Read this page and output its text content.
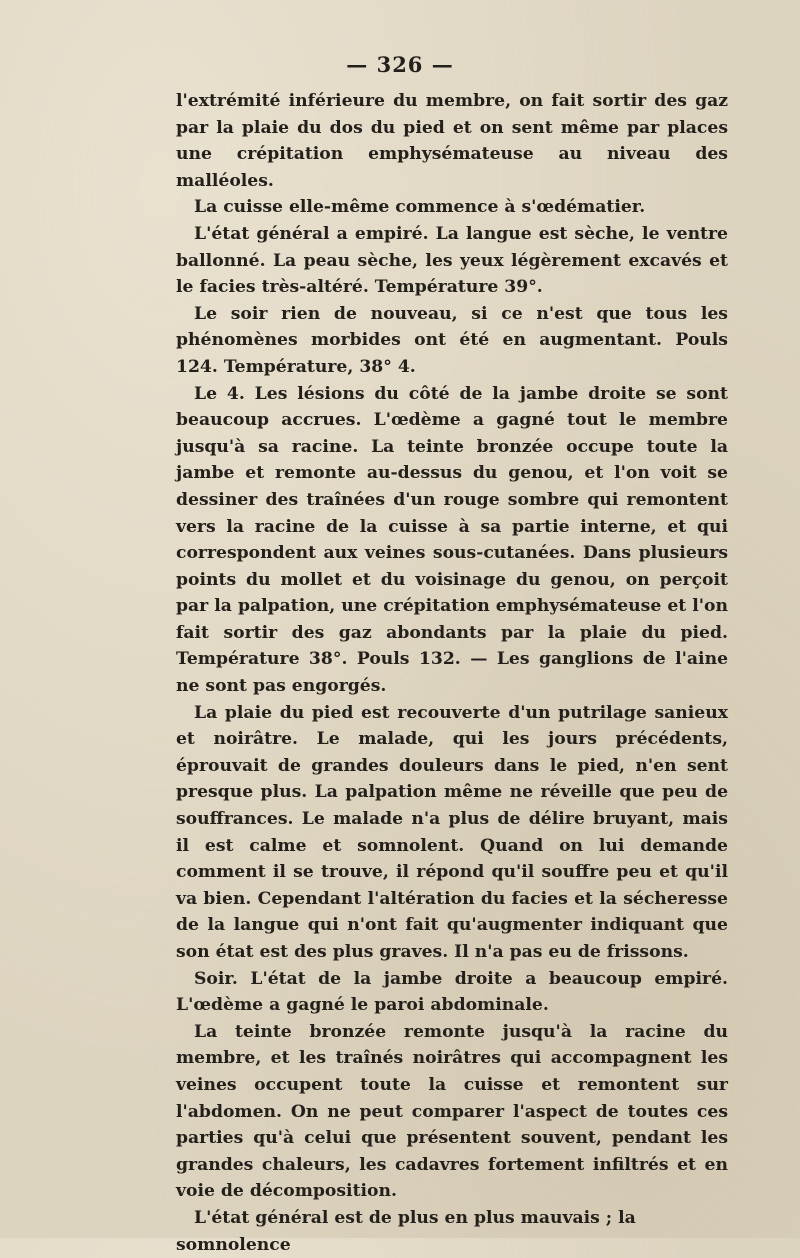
— 326 —

l'extrémité inférieure du membre, on fait sortir des gaz par la plaie du dos du pied et on sent même par places une crépitation emphysémateuse au niveau des malléoles.

La cuisse elle-même commence à s'œdématier.

L'état général a empiré. La langue est sèche, le ventre ballonné. La peau sèche, les yeux légèrement excavés et le facies très-altéré. Température 39°.

Le soir rien de nouveau, si ce n'est que tous les phénomènes morbides ont été en augmentant. Pouls 124. Température, 38° 4.

Le 4. Les lésions du côté de la jambe droite se sont beaucoup accrues. L'œdème a gagné tout le membre jusqu'à sa racine. La teinte bronzée occupe toute la jambe et remonte au-dessus du genou, et l'on voit se dessiner des traînées d'un rouge sombre qui remontent vers la racine de la cuisse à sa partie interne, et qui correspondent aux veines sous-cutanées. Dans plusieurs points du mollet et du voisinage du genou, on perçoit par la palpation, une crépitation emphysémateuse et l'on fait sortir des gaz abondants par la plaie du pied. Température 38°. Pouls 132. — Les ganglions de l'aine ne sont pas engorgés.

La plaie du pied est recouverte d'un putrilage sanieux et noirâtre. Le malade, qui les jours précédents, éprouvait de grandes douleurs dans le pied, n'en sent presque plus. La palpation même ne réveille que peu de souffrances. Le malade n'a plus de délire bruyant, mais il est calme et somnolent. Quand on lui demande comment il se trouve, il répond qu'il souffre peu et qu'il va bien. Cependant l'altération du facies et la sécheresse de la langue qui n'ont fait qu'augmenter indiquant que son état est des plus graves. Il n'a pas eu de frissons.

Soir. L'état de la jambe droite a beaucoup empiré. L'œdème a gagné le paroi abdominale.

La teinte bronzée remonte jusqu'à la racine du membre, et les traînés noirâtres qui accompagnent les veines occupent toute la cuisse et remontent sur l'abdomen. On ne peut comparer l'aspect de toutes ces parties qu'à celui que présentent souvent, pendant les grandes chaleurs, les cadavres fortement infiltrés et en voie de décomposition.

L'état général est de plus en plus mauvais ; la somnolence
